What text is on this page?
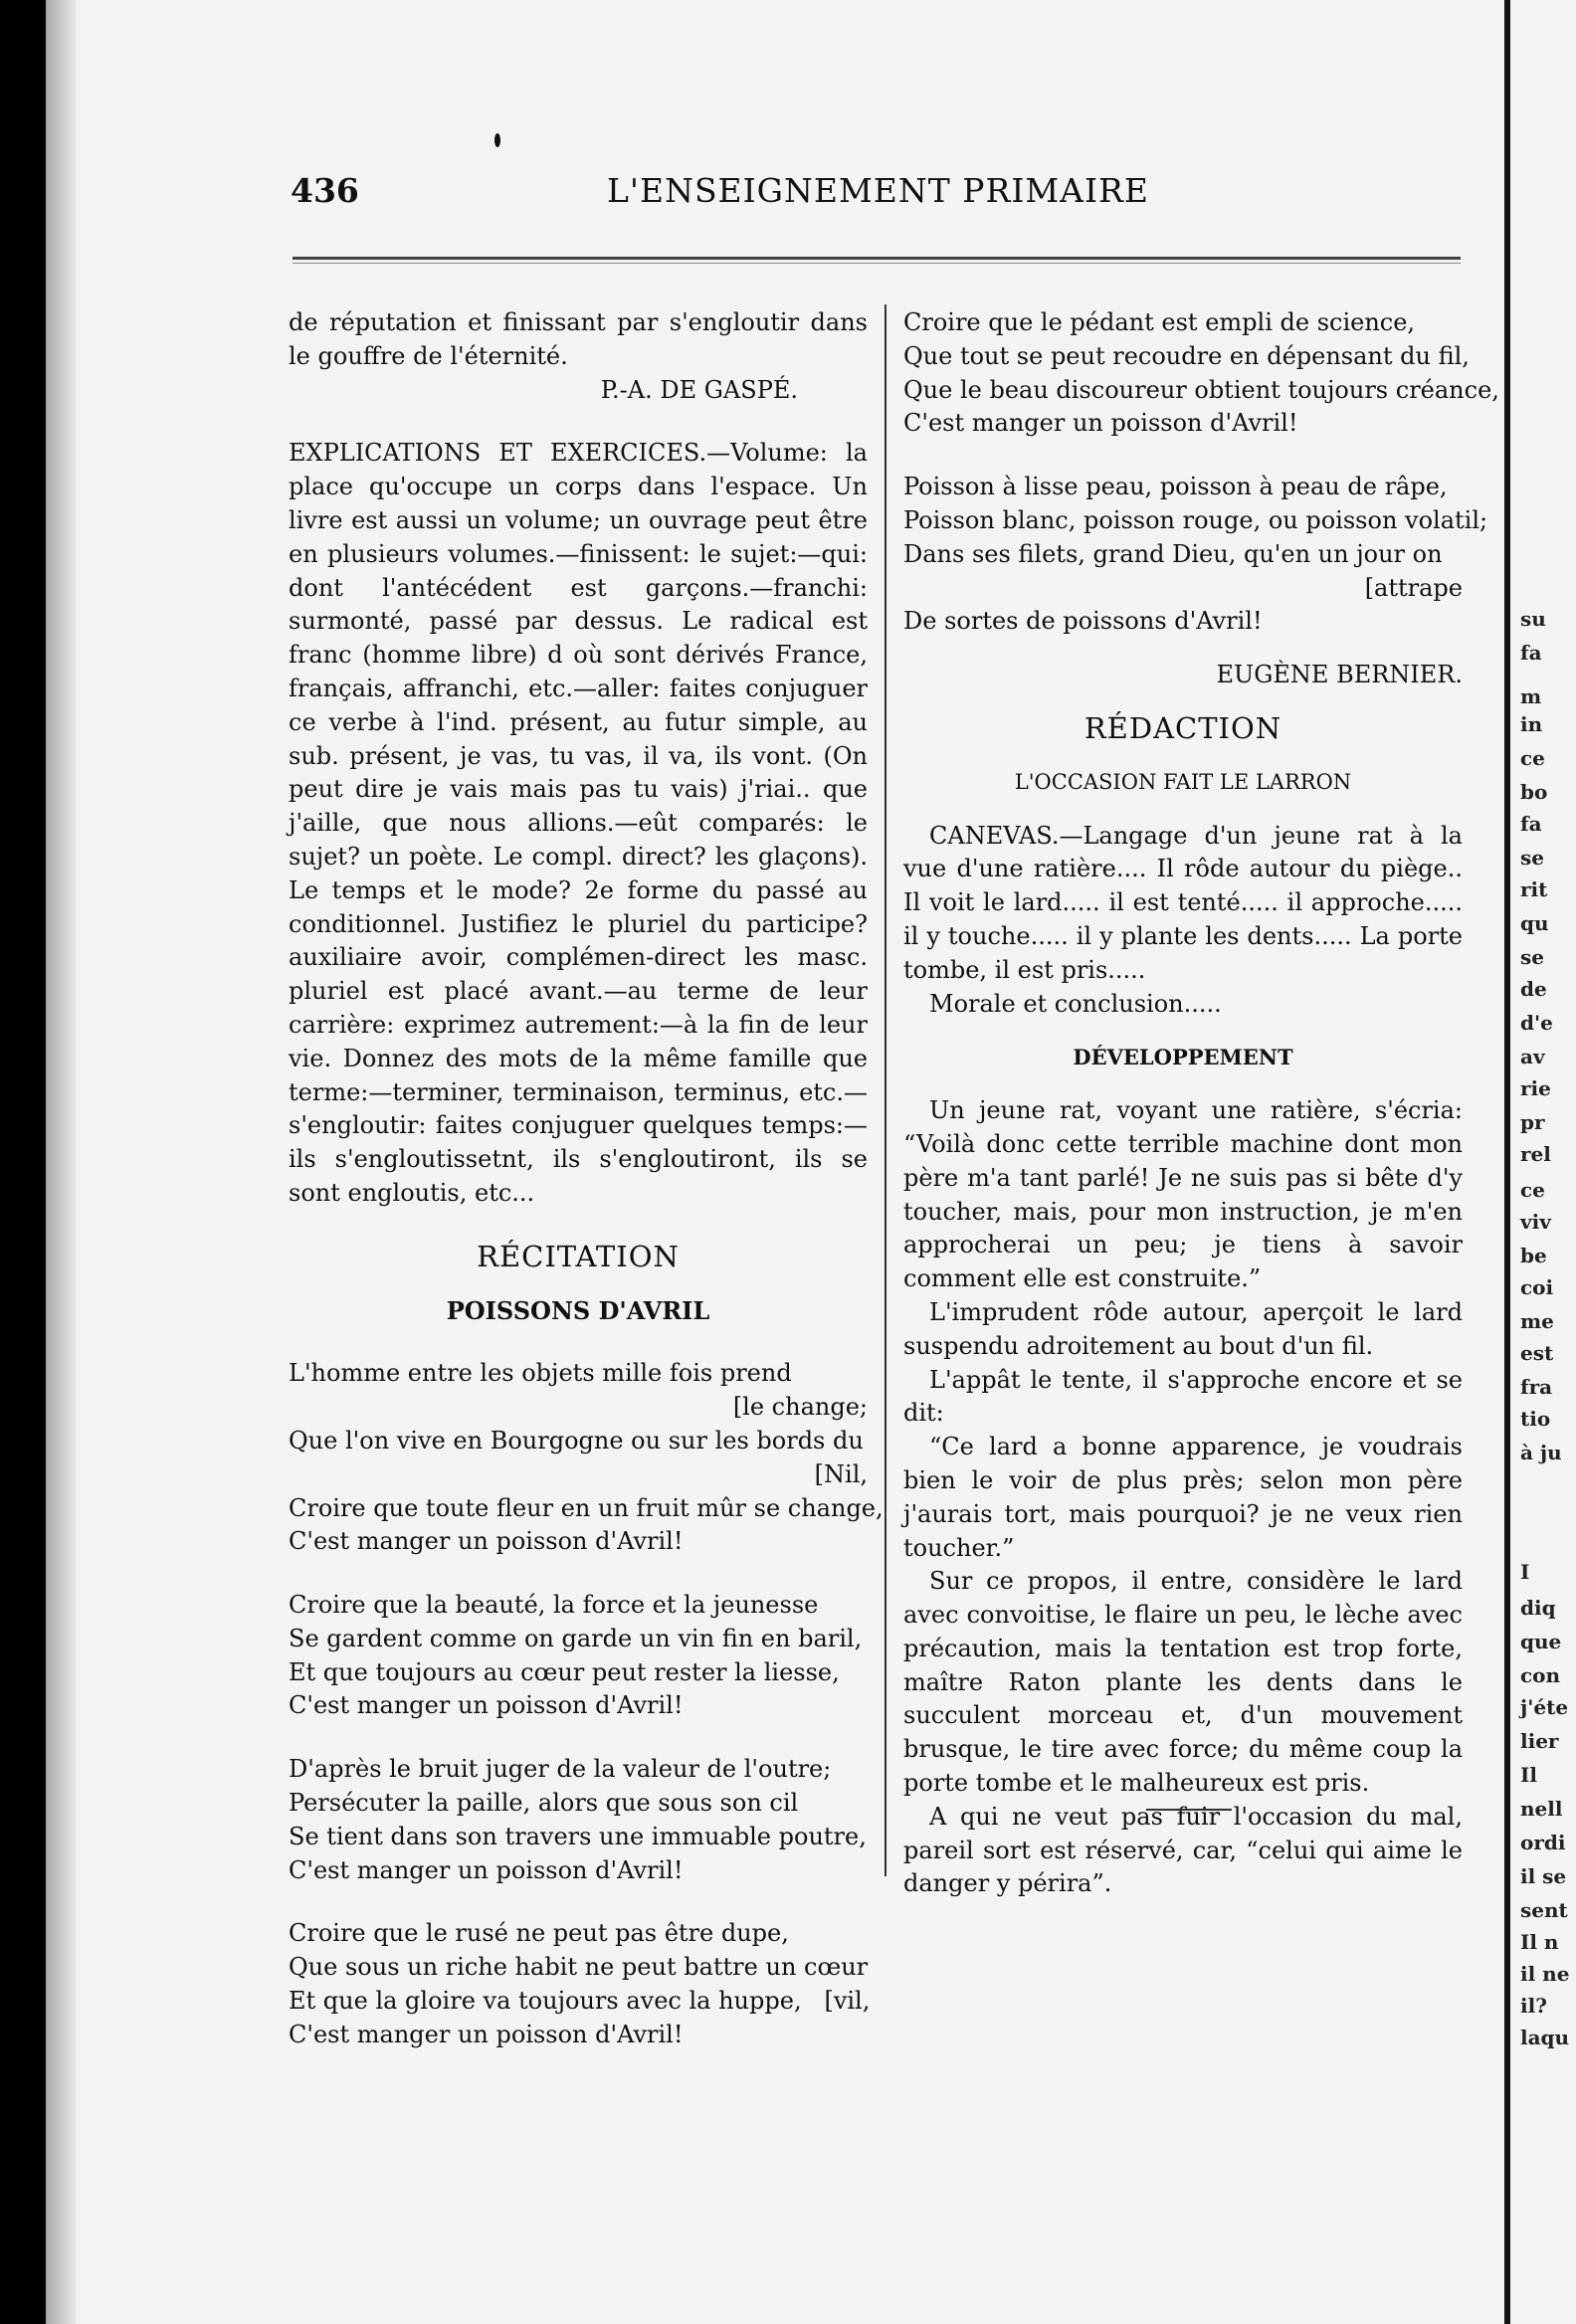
su
fa
m
in
ce
bo
fa
se
rit
qu
se
de
d'e
av
rie
pr
rel
ce
viv
be
coi
me
est
fra
tio
à ju
I
diq
que
con
j'éte
lier
Il
nell
ordi
il se
sent
Il n
il ne
il?
laqu
436	L'ENSEIGNEMENT PRIMAIRE

de réputation et finissant par s'engloutir dans le gouffre de l'éternité.

P.-A. DE GASPÉ.

EXPLICATIONS ET EXERCICES.—Volume: la place qu'occupe un corps dans l'espace. Un livre est aussi un volume; un ouvrage peut être en plusieurs volumes.—finissent: le sujet:—qui: dont l'antécédent est garçons.—franchi: surmonté, passé par dessus. Le radical est franc (homme libre) d où sont dérivés France, français, affranchi, etc.—aller: faites conjuguer ce verbe à l'ind. présent, au futur simple, au sub. présent, je vas, tu vas, il va, ils vont. (On peut dire je vais mais pas tu vais) j'riai.. que j'aille, que nous allions.—eût comparés: le sujet? un poète. Le compl. direct? les glaçons). Le temps et le mode? 2e forme du passé au conditionnel. Justifiez le pluriel du participe? auxiliaire avoir, complémen-direct les masc. pluriel est placé avant.—au terme de leur carrière: exprimez autrement:—à la fin de leur vie. Donnez des mots de la même famille que terme:—terminer, terminaison, terminus, etc.—s'engloutir: faites conjuguer quelques temps:—ils s'engloutissetnt, ils s'engloutiront, ils se sont engloutis, etc...

RÉCITATION
POISSONS D'AVRIL
L'homme entre les objets mille fois prend
[le change;
Que l'on vive en Bourgogne ou sur les bords du
[Nil,
Croire que toute fleur en un fruit mûr se change,
C'est manger un poisson d'Avril!
Croire que la beauté, la force et la jeunesse
Se gardent comme on garde un vin fin en baril,
Et que toujours au cœur peut rester la liesse,
C'est manger un poisson d'Avril!
D'après le bruit juger de la valeur de l'outre;
Persécuter la paille, alors que sous son cil
Se tient dans son travers une immuable poutre,
C'est manger un poisson d'Avril!
Croire que le rusé ne peut pas être dupe,
Que sous un riche habit ne peut battre un cœur
Et que la gloire va toujours avec la huppe,   [vil,
C'est manger un poisson d'Avril!
Croire que le pédant est empli de science,
Que tout se peut recoudre en dépensant du fil,
Que le beau discoureur obtient toujours créance,
C'est manger un poisson d'Avril!
Poisson à lisse peau, poisson à peau de râpe,
Poisson blanc, poisson rouge, ou poisson volatil;
Dans ses filets, grand Dieu, qu'en un jour on
[attrape
De sortes de poissons d'Avril!
EUGÈNE BERNIER.
RÉDACTION
L'OCCASION FAIT LE LARRON

CANEVAS.—Langage d'un jeune rat à la vue d'une ratière.... Il rôde autour du piège.. Il voit le lard..... il est tenté..... il approche..... il y touche..... il y plante les dents..... La porte tombe, il est pris.....

Morale et conclusion.....

DÉVELOPPEMENT

Un jeune rat, voyant une ratière, s'écria: “Voilà donc cette terrible machine dont mon père m'a tant parlé! Je ne suis pas si bête d'y toucher, mais, pour mon instruction, je m'en approcherai un peu; je tiens à savoir comment elle est construite.”

L'imprudent rôde autour, aperçoit le lard suspendu adroitement au bout d'un fil.

L'appât le tente, il s'approche encore et se dit:

“Ce lard a bonne apparence, je voudrais bien le voir de plus près; selon mon père j'aurais tort, mais pourquoi? je ne veux rien toucher.”

Sur ce propos, il entre, considère le lard avec convoitise, le flaire un peu, le lèche avec précaution, mais la tentation est trop forte, maître Raton plante les dents dans le succulent morceau et, d'un mouvement brusque, le tire avec force; du même coup la porte tombe et le malheureux est pris.

A qui ne veut pas fuir l'occasion du mal, pareil sort est réservé, car, “celui qui aime le danger y périra”.
